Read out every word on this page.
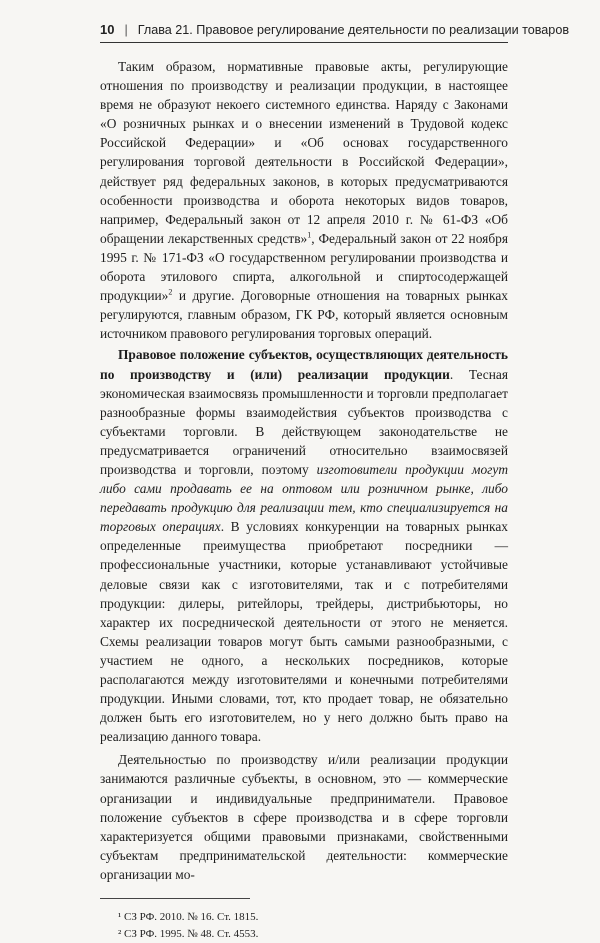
10 | Глава 21. Правовое регулирование деятельности по реализации товаров

Таким образом, нормативные правовые акты, регулирующие отношения по производству и реализации продукции, в настоящее время не образуют некоего системного единства. Наряду с Законами «О розничных рынках и о внесении изменений в Трудовой кодекс Российской Федерации» и «Об основах государственного регулирования торговой деятельности в Российской Федерации», действует ряд федеральных законов, в которых предусматриваются особенности производства и оборота некоторых видов товаров, например, Федеральный закон от 12 апреля 2010 г. № 61-ФЗ «Об обращении лекарственных средств»$^1$, Федеральный закон от 22 ноября 1995 г. № 171-ФЗ «О государственном регулировании производства и оборота этилового спирта, алкогольной и спиртосодержащей продукции»$^2$ и другие. Договорные отношения на товарных рынках регулируются, главным образом, ГК РФ, который является основным источником правового регулирования торговых операций.

Правовое положение субъектов, осуществляющих деятельность по производству и (или) реализации продукции. Тесная экономическая взаимосвязь промышленности и торговли предполагает разнообразные формы взаимодействия субъектов производства с субъектами торговли. В действующем законодательстве не предусматривается ограничений относительно взаимосвязей производства и торговли, поэтому изготовители продукции могут либо сами продавать ее на оптовом или розничном рынке, либо передавать продукцию для реализации тем, кто специализируется на торговых операциях. В условиях конкуренции на товарных рынках определенные преимущества приобретают посредники — профессиональные участники, которые устанавливают устойчивые деловые связи как с изготовителями, так и с потребителями продукции: дилеры, ритейлоры, трейдеры, дистрибьюторы, но характер их посреднической деятельности от этого не меняется. Схемы реализации товаров могут быть самыми разнообразными, с участием не одного, а нескольких посредников, которые располагаются между изготовителями и конечными потребителями продукции. Иными словами, тот, кто продает товар, не обязательно должен быть его изготовителем, но у него должно быть право на реализацию данного товара.

Деятельностью по производству и/или реализации продукции занимаются различные субъекты, в основном, это — коммерческие организации и индивидуальные предприниматели. Правовое положение субъектов в сфере производства и в сфере торговли характеризуется общими правовыми признаками, свойственными субъектам предпринимательской деятельности: коммерческие организации мо-

¹ СЗ РФ. 2010. № 16. Ст. 1815.
² СЗ РФ. 1995. № 48. Ст. 4553.
